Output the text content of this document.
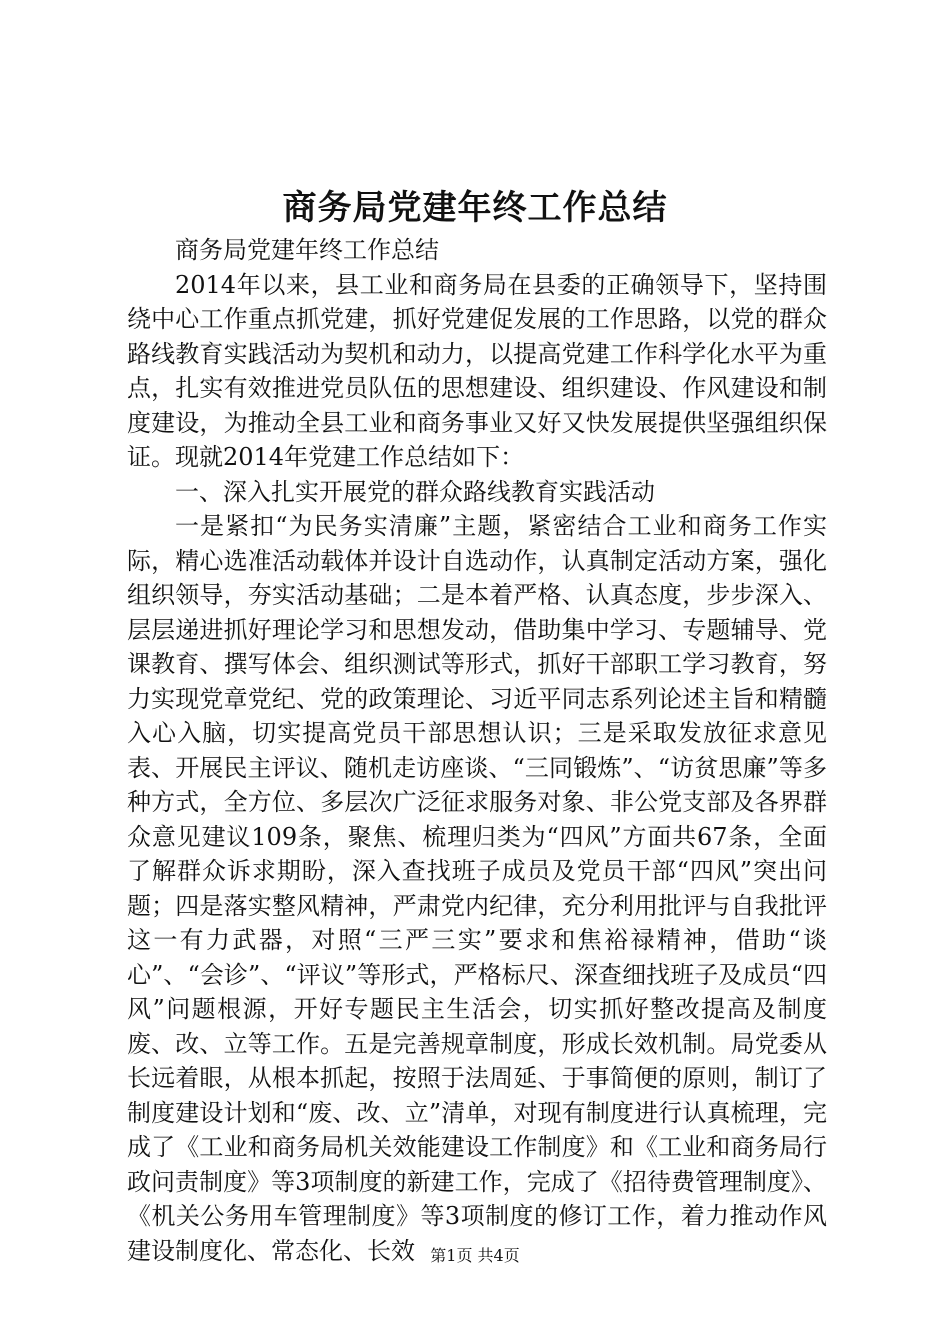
商务局党建年终工作总结

商务局党建年终工作总结

2014年以来，县工业和商务局在县委的正确领导下，坚持围绕中心工作重点抓党建，抓好党建促发展的工作思路，以党的群众路线教育实践活动为契机和动力，以提高党建工作科学化水平为重点，扎实有效推进党员队伍的思想建设、组织建设、作风建设和制度建设，为推动全县工业和商务事业又好又快发展提供坚强组织保证。现就2014年党建工作总结如下：

一、深入扎实开展党的群众路线教育实践活动

一是紧扣“为民务实清廉”主题，紧密结合工业和商务工作实际，精心选准活动载体并设计自选动作，认真制定活动方案，强化组织领导，夯实活动基础；二是本着严格、认真态度，步步深入、层层递进抓好理论学习和思想发动，借助集中学习、专题辅导、党课教育、撰写体会、组织测试等形式，抓好干部职工学习教育，努力实现党章党纪、党的政策理论、习近平同志系列论述主旨和精髓入心入脑，切实提高党员干部思想认识；三是采取发放征求意见表、开展民主评议、随机走访座谈、“三同锻炼”、“访贫思廉”等多种方式，全方位、多层次广泛征求服务对象、非公党支部及各界群众意见建议109条，聚焦、梳理归类为“四风”方面共67条，全面了解群众诉求期盼，深入查找班子成员及党员干部“四风”突出问题；四是落实整风精神，严肃党内纪律，充分利用批评与自我批评这一有力武器，对照“三严三实”要求和焦裕禄精神，借助“谈心”、“会诊”、“评议”等形式，严格标尺、深查细找班子及成员“四风”问题根源，开好专题民主生活会，切实抓好整改提高及制度废、改、立等工作。五是完善规章制度，形成长效机制。局党委从长远着眼，从根本抓起，按照于法周延、于事简便的原则，制订了制度建设计划和“废、改、立”清单，对现有制度进行认真梳理，完成了《工业和商务局机关效能建设工作制度》和《工业和商务局行政问责制度》等3项制度的新建工作，完成了《招待费管理制度》、《机关公务用车管理制度》等3项制度的修订工作，着力推动作风建设制度化、常态化、长效 第1页 共4页
